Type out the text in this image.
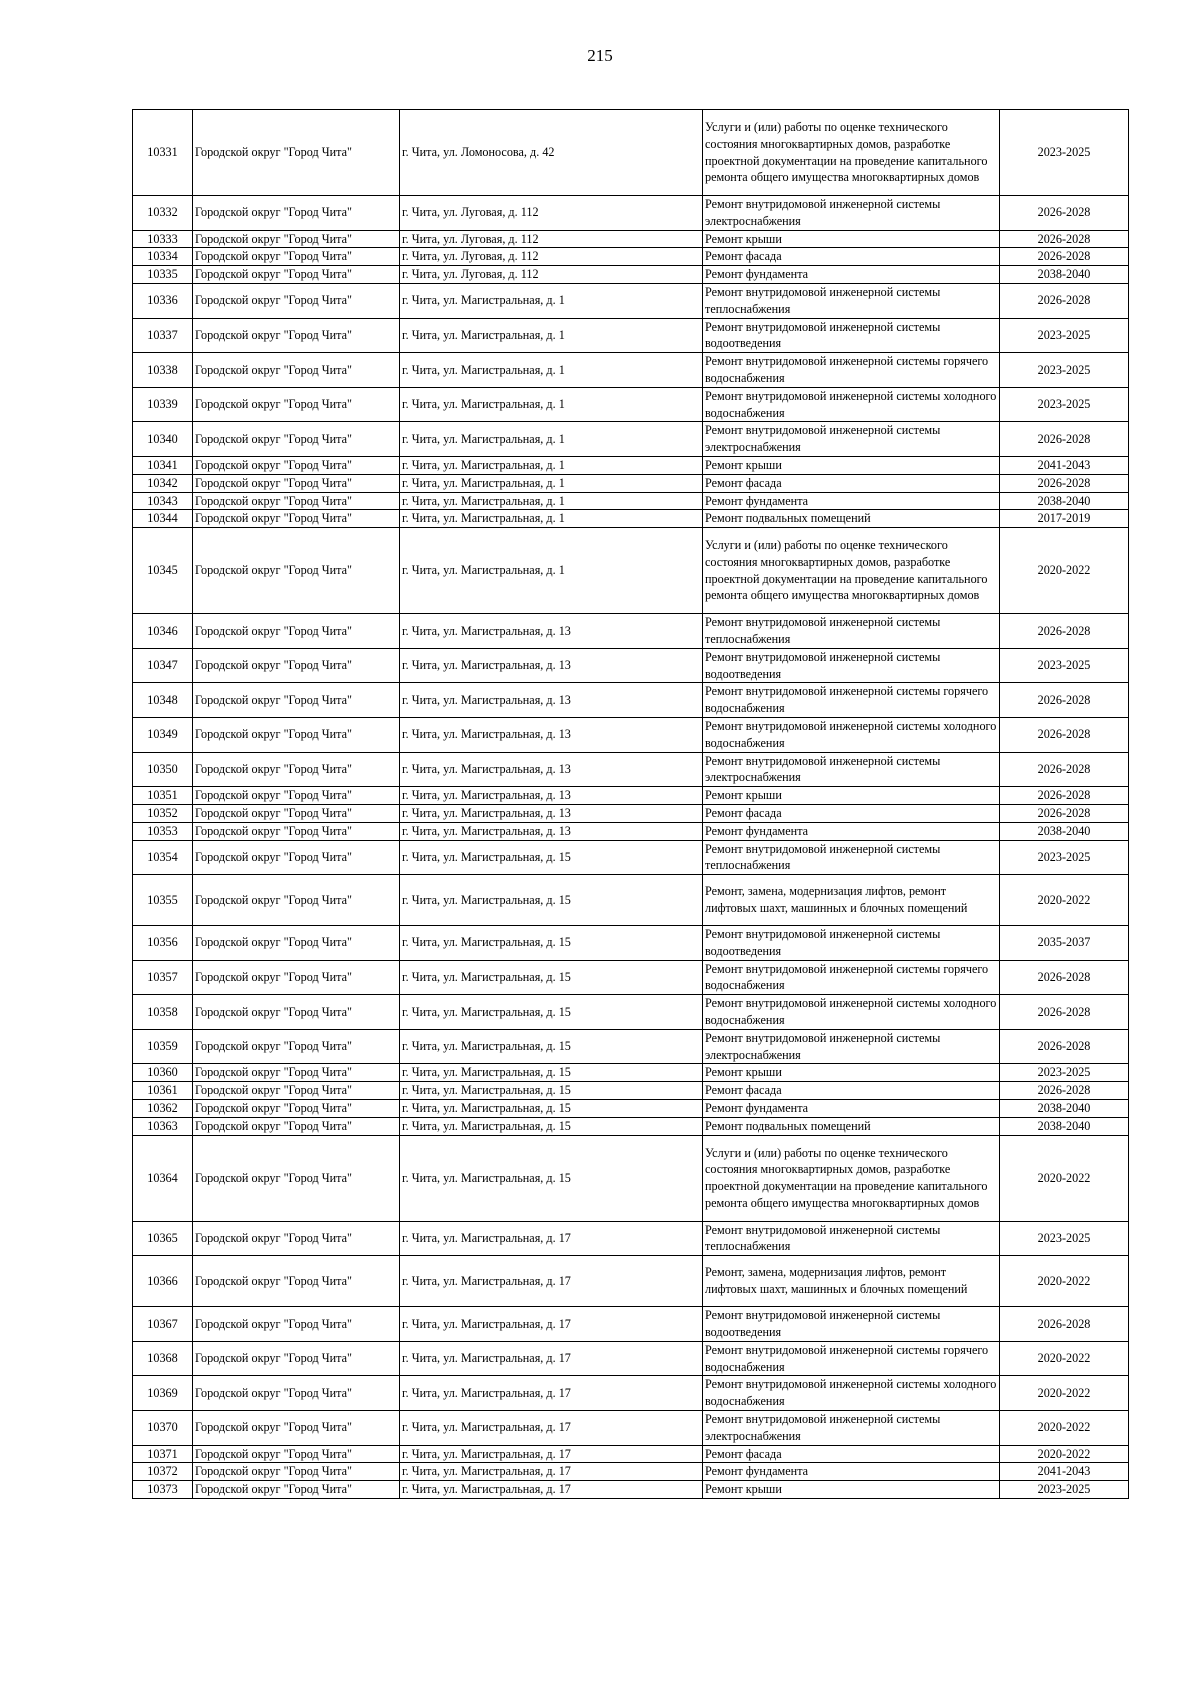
215
10331	Городской округ "Город Чита"	г. Чита, ул. Ломоносова, д. 42	Услуги и (или) работы по оценке технического состояния многоквартирных домов, разработке проектной документации на проведение капитального ремонта общего имущества многоквартирных домов	2023-2025
10332	Городской округ "Город Чита"	г. Чита, ул. Луговая, д. 112	Ремонт внутридомовой инженерной системы электроснабжения	2026-2028
10333	Городской округ "Город Чита"	г. Чита, ул. Луговая, д. 112	Ремонт крыши	2026-2028
10334	Городской округ "Город Чита"	г. Чита, ул. Луговая, д. 112	Ремонт фасада	2026-2028
10335	Городской округ "Город Чита"	г. Чита, ул. Луговая, д. 112	Ремонт фундамента	2038-2040
10336	Городской округ "Город Чита"	г. Чита, ул. Магистральная, д. 1	Ремонт внутридомовой инженерной системы теплоснабжения	2026-2028
10337	Городской округ "Город Чита"	г. Чита, ул. Магистральная, д. 1	Ремонт внутридомовой инженерной системы водоотведения	2023-2025
10338	Городской округ "Город Чита"	г. Чита, ул. Магистральная, д. 1	Ремонт внутридомовой инженерной системы горячего водоснабжения	2023-2025
10339	Городской округ "Город Чита"	г. Чита, ул. Магистральная, д. 1	Ремонт внутридомовой инженерной системы холодного водоснабжения	2023-2025
10340	Городской округ "Город Чита"	г. Чита, ул. Магистральная, д. 1	Ремонт внутридомовой инженерной системы электроснабжения	2026-2028
10341	Городской округ "Город Чита"	г. Чита, ул. Магистральная, д. 1	Ремонт крыши	2041-2043
10342	Городской округ "Город Чита"	г. Чита, ул. Магистральная, д. 1	Ремонт фасада	2026-2028
10343	Городской округ "Город Чита"	г. Чита, ул. Магистральная, д. 1	Ремонт фундамента	2038-2040
10344	Городской округ "Город Чита"	г. Чита, ул. Магистральная, д. 1	Ремонт подвальных помещений	2017-2019
10345	Городской округ "Город Чита"	г. Чита, ул. Магистральная, д. 1	Услуги и (или) работы по оценке технического состояния многоквартирных домов, разработке проектной документации на проведение капитального ремонта общего имущества многоквартирных домов	2020-2022
10346	Городской округ "Город Чита"	г. Чита, ул. Магистральная, д. 13	Ремонт внутридомовой инженерной системы теплоснабжения	2026-2028
10347	Городской округ "Город Чита"	г. Чита, ул. Магистральная, д. 13	Ремонт внутридомовой инженерной системы водоотведения	2023-2025
10348	Городской округ "Город Чита"	г. Чита, ул. Магистральная, д. 13	Ремонт внутридомовой инженерной системы горячего водоснабжения	2026-2028
10349	Городской округ "Город Чита"	г. Чита, ул. Магистральная, д. 13	Ремонт внутридомовой инженерной системы холодного водоснабжения	2026-2028
10350	Городской округ "Город Чита"	г. Чита, ул. Магистральная, д. 13	Ремонт внутридомовой инженерной системы электроснабжения	2026-2028
10351	Городской округ "Город Чита"	г. Чита, ул. Магистральная, д. 13	Ремонт крыши	2026-2028
10352	Городской округ "Город Чита"	г. Чита, ул. Магистральная, д. 13	Ремонт фасада	2026-2028
10353	Городской округ "Город Чита"	г. Чита, ул. Магистральная, д. 13	Ремонт фундамента	2038-2040
10354	Городской округ "Город Чита"	г. Чита, ул. Магистральная, д. 15	Ремонт внутридомовой инженерной системы теплоснабжения	2023-2025
10355	Городской округ "Город Чита"	г. Чита, ул. Магистральная, д. 15	Ремонт, замена, модернизация лифтов, ремонт лифтовых шахт, машинных и блочных помещений	2020-2022
10356	Городской округ "Город Чита"	г. Чита, ул. Магистральная, д. 15	Ремонт внутридомовой инженерной системы водоотведения	2035-2037
10357	Городской округ "Город Чита"	г. Чита, ул. Магистральная, д. 15	Ремонт внутридомовой инженерной системы горячего водоснабжения	2026-2028
10358	Городской округ "Город Чита"	г. Чита, ул. Магистральная, д. 15	Ремонт внутридомовой инженерной системы холодного водоснабжения	2026-2028
10359	Городской округ "Город Чита"	г. Чита, ул. Магистральная, д. 15	Ремонт внутридомовой инженерной системы электроснабжения	2026-2028
10360	Городской округ "Город Чита"	г. Чита, ул. Магистральная, д. 15	Ремонт крыши	2023-2025
10361	Городской округ "Город Чита"	г. Чита, ул. Магистральная, д. 15	Ремонт фасада	2026-2028
10362	Городской округ "Город Чита"	г. Чита, ул. Магистральная, д. 15	Ремонт фундамента	2038-2040
10363	Городской округ "Город Чита"	г. Чита, ул. Магистральная, д. 15	Ремонт подвальных помещений	2038-2040
10364	Городской округ "Город Чита"	г. Чита, ул. Магистральная, д. 15	Услуги и (или) работы по оценке технического состояния многоквартирных домов, разработке проектной документации на проведение капитального ремонта общего имущества многоквартирных домов	2020-2022
10365	Городской округ "Город Чита"	г. Чита, ул. Магистральная, д. 17	Ремонт внутридомовой инженерной системы теплоснабжения	2023-2025
10366	Городской округ "Город Чита"	г. Чита, ул. Магистральная, д. 17	Ремонт, замена, модернизация лифтов, ремонт лифтовых шахт, машинных и блочных помещений	2020-2022
10367	Городской округ "Город Чита"	г. Чита, ул. Магистральная, д. 17	Ремонт внутридомовой инженерной системы водоотведения	2026-2028
10368	Городской округ "Город Чита"	г. Чита, ул. Магистральная, д. 17	Ремонт внутридомовой инженерной системы горячего водоснабжения	2020-2022
10369	Городской округ "Город Чита"	г. Чита, ул. Магистральная, д. 17	Ремонт внутридомовой инженерной системы холодного водоснабжения	2020-2022
10370	Городской округ "Город Чита"	г. Чита, ул. Магистральная, д. 17	Ремонт внутридомовой инженерной системы электроснабжения	2020-2022
10371	Городской округ "Город Чита"	г. Чита, ул. Магистральная, д. 17	Ремонт фасада	2020-2022
10372	Городской округ "Город Чита"	г. Чита, ул. Магистральная, д. 17	Ремонт фундамента	2041-2043
10373	Городской округ "Город Чита"	г. Чита, ул. Магистральная, д. 17	Ремонт крыши	2023-2025
